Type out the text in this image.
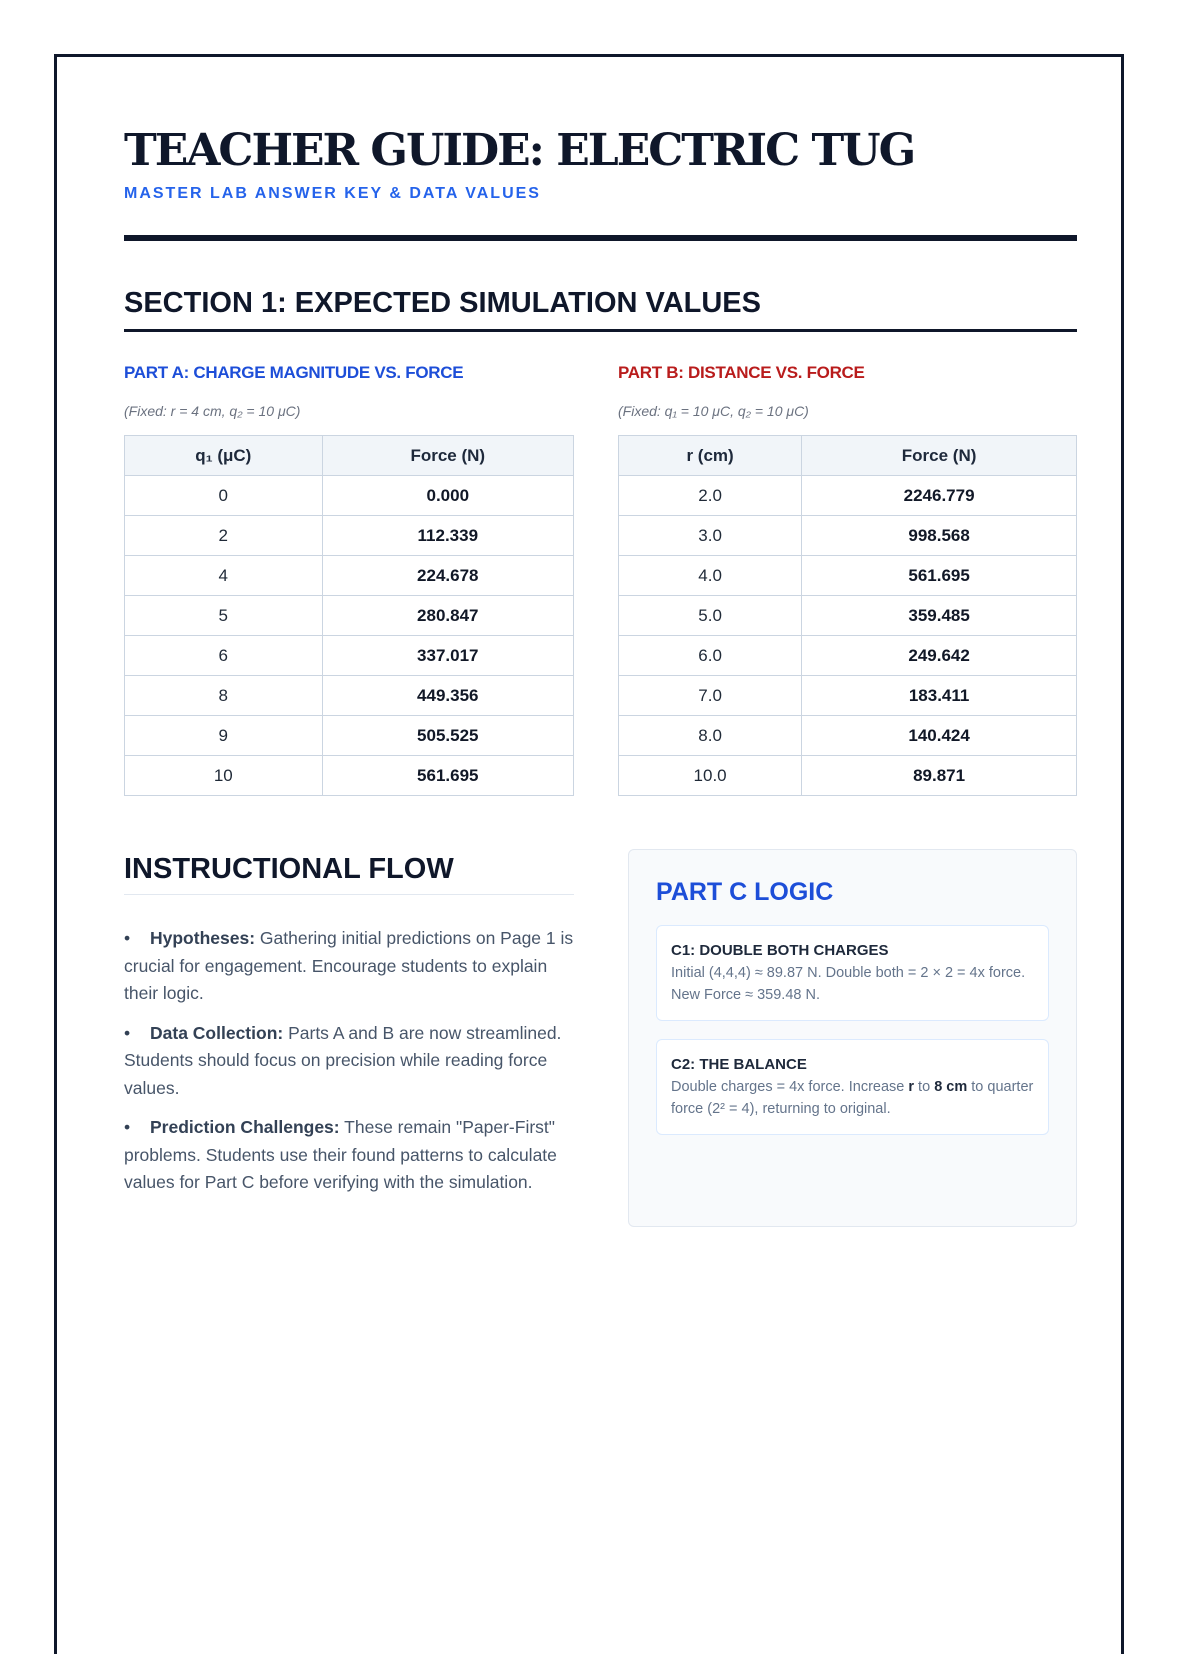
TEACHER GUIDE: ELECTRIC TUG
MASTER LAB ANSWER KEY & DATA VALUES
SECTION 1: EXPECTED SIMULATION VALUES
PART A: CHARGE MAGNITUDE VS. FORCE
(Fixed: r = 4 cm, q₂ = 10 μC)
q₁ (μC)	Force (N)
0	0.000
2	112.339
4	224.678
5	280.847
6	337.017
8	449.356
9	505.525
10	561.695
PART B: DISTANCE VS. FORCE
(Fixed: q₁ = 10 μC, q₂ = 10 μC)
r (cm)	Force (N)
2.0	2246.779
3.0	998.568
4.0	561.695
5.0	359.485
6.0	249.642
7.0	183.411
8.0	140.424
10.0	89.871
INSTRUCTIONAL FLOW
• Hypotheses: Gathering initial predictions on Page 1 is crucial for engagement. Encourage students to explain their logic.
• Data Collection: Parts A and B are now streamlined. Students should focus on precision while reading force values.
• Prediction Challenges: These remain "Paper-First" problems. Students use their found patterns to calculate values for Part C before verifying with the simulation.
PART C LOGIC
C1: DOUBLE BOTH CHARGES
Initial (4,4,4) ≈ 89.87 N. Double both = 2 × 2 = 4x force. New Force ≈ 359.48 N.
C2: THE BALANCE
Double charges = 4x force. Increase r to 8 cm to quarter force (2² = 4), returning to original.
